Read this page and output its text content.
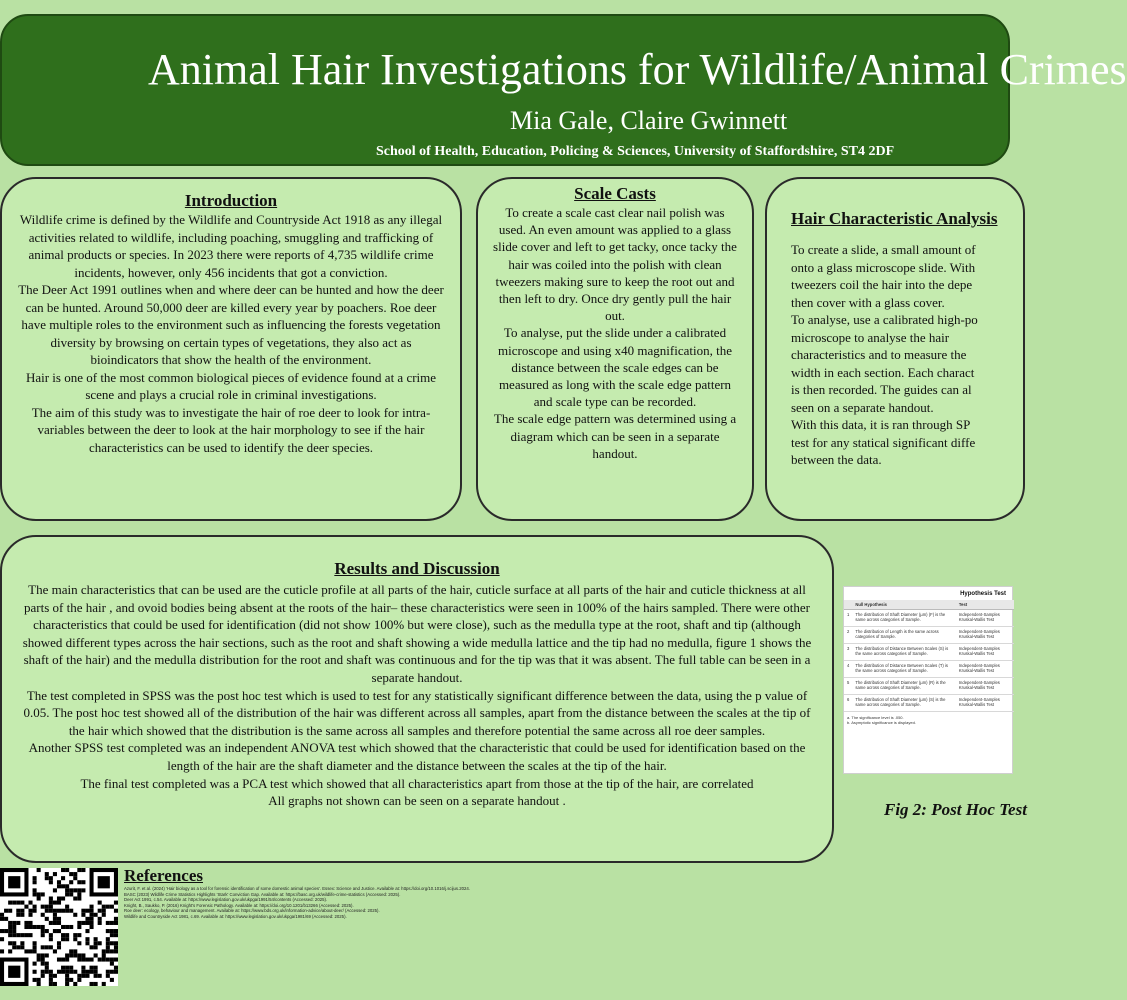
Animal Hair Investigations for Wildlife/Animal Crimes
Mia Gale, Claire Gwinnett
School of Health, Education, Policing & Sciences, University of Staffordshire, ST4 2DF
Introduction

Wildlife crime is defined by the Wildlife and Countryside Act 1918 as any illegal activities related to wildlife, including poaching, smuggling and trafficking of animal products or species. In 2023 there were reports of 4,735 wildlife crime incidents, however, only 456 incidents that got a conviction.

The Deer Act 1991 outlines when and where deer can be hunted and how the deer can be hunted. Around 50,000 deer are killed every year by poachers. Roe deer have multiple roles to the environment such as influencing the forests vegetation diversity by browsing on certain types of vegetations, they also act as bioindicators that show the health of the environment.

Hair is one of the most common biological pieces of evidence found at a crime scene and plays a crucial role in criminal investigations.

The aim of this study was to investigate the hair of roe deer to look for intra-variables between the deer to look at the hair morphology to see if the hair characteristics can be used to identify the deer species.

Scale Casts

To create a scale cast clear nail polish was used. An even amount was applied to a glass slide cover and left to get tacky, once tacky the hair was coiled into the polish with clean tweezers making sure to keep the root out and then left to dry. Once dry gently pull the hair out.

To analyse, put the slide under a calibrated microscope and using x40 magnification, the distance between the scale edges can be measured as long with the scale edge pattern and scale type can be recorded.

The scale edge pattern was determined using a diagram which can be seen in a separate handout.

Hair Characteristic Analysis

To create a slide, a small amount of

onto a glass microscope slide. With

tweezers coil the hair into the depe

then cover with a glass cover.

To analyse, use a calibrated high-po

microscope to analyse the hair

characteristics and to measure the

width in each section. Each charact

is then recorded. The guides can al

seen on a separate handout.

With this data, it is ran through SP

test for any statical significant diffe

between the data.

Results and Discussion

The main characteristics that can be used are the cuticle profile at all parts of the hair, cuticle surface at all parts of the hair and cuticle thickness at all parts of the hair , and ovoid bodies being absent at the roots of the hair– these characteristics were seen in 100% of the hairs sampled. There were other characteristics that could be used for identification (did not show 100% but were close), such as the medulla type at the root, shaft and tip (although showed different types across the hair sections, such as the root and shaft showing a wide medulla lattice and the tip had no medulla, figure 1 shows the shaft of the hair) and the medulla distribution for the root and shaft was continuous and for the tip was that it was absent. The full table can be seen in a separate handout.

The test completed in SPSS was the post hoc test which is used to test for any statistically significant difference between the data, using the p value of 0.05. The post hoc test showed all of the distribution of the hair was different across all samples, apart from the distance between the scales at the tip of the hair which showed that the distribution is the same across all samples and therefore potential the same across all roe deer samples.

Another SPSS test completed was an independent ANOVA test which showed that the characteristic that could be used for identification based on the length of the hair are the shaft diameter and the distance between the scales at the tip of the hair.

The final test completed was a PCA test which showed that all characteristics apart from those at the tip of the hair, are correlated

All graphs not shown can be seen on a separate handout .

Hypothesis Test
	Null Hypothesis	Test
1	The distribution of Shaft Diameter (µm) (F) is the same across categories of Sample.	Independent-Samples Kruskal-Wallis Test
2	The distribution of Length is the same across categories of Sample.	Independent-Samples Kruskal-Wallis Test
3	The distribution of Distance Between Scales (S) is the same across categories of Sample.	Independent-Samples Kruskal-Wallis Test
4	The distribution of Distance Between Scales (T) is the same across categories of Sample.	Independent-Samples Kruskal-Wallis Test
5	The distribution of Shaft Diameter (µm) (R) is the same across categories of Sample.	Independent-Samples Kruskal-Wallis Test
6	The distribution of Shaft Diameter (µm) (S) is the same across categories of Sample.	Independent-Samples Kruskal-Wallis Test
a. The significance level is .050.
b. Asymptotic significance is displayed.
Fig 2: Post Hoc Test
References
Azurit, F. et al. (2024) 'Hair biology as a tool for forensic identification of some domestic animal species'. Essex: Science and Justice. Available at: https://doi.org/10.1016/j.scijus.2024.
BASC (2023) Wildlife Crime Statistics Highlights 'Stark' Conviction Gap. Available at: https://basc.org.uk/wildlife-crime-statistics (Accessed: 2025).
Deer Act 1991, c.54. Available at: https://www.legislation.gov.uk/ukpga/1991/54/contents (Accessed: 2025).
Knight, B., Saukko, P. (2016) Knight's Forensic Pathology. Available at: https://doi.org/10.1201/b13266 (Accessed: 2025).
Roe deer: ecology, behaviour and management. Available at: https://www.bds.org.uk/information-advice/about-deer/ (Accessed: 2025).
Wildlife and Countryside Act 1981, c.69. Available at: https://www.legislation.gov.uk/ukpga/1981/69 (Accessed: 2025).
